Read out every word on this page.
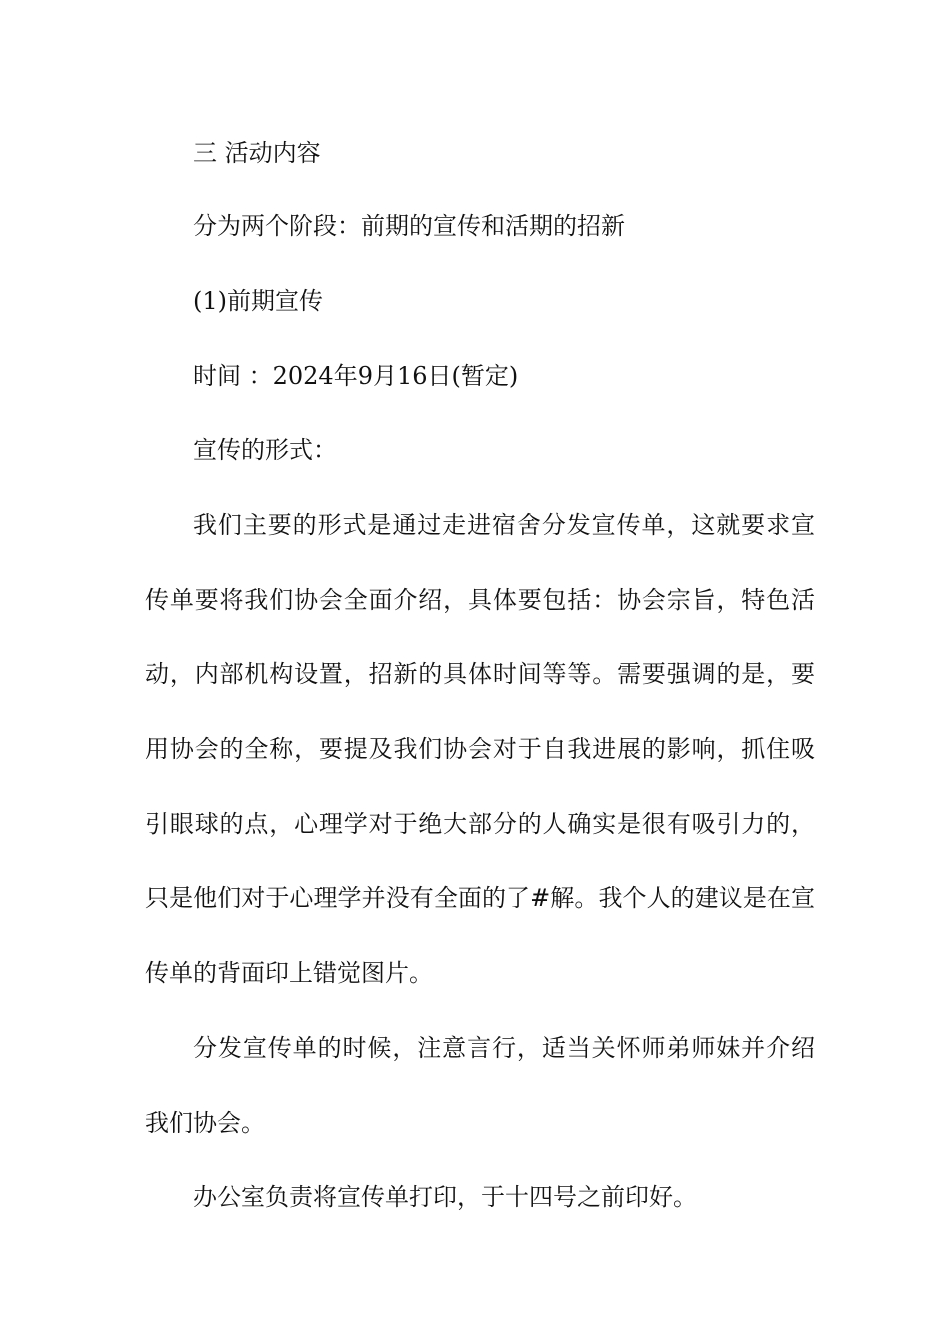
三 活动内容
分为两个阶段：前期的宣传和活期的招新
(1)前期宣传
时间 ：2024年9月16日(暂定)
宣传的形式：
我们主要的形式是通过走进宿舍分发宣传单，这就要求宣
传单要将我们协会全面介绍，具体要包括：协会宗旨，特色活
动，内部机构设置，招新的具体时间等等。需要强调的是，要
用协会的全称，要提及我们协会对于自我进展的影响，抓住吸
引眼球的点，心理学对于绝大部分的人确实是很有吸引力的，
只是他们对于心理学并没有全面的了#解。我个人的建议是在宣
传单的背面印上错觉图片。
分发宣传单的时候，注意言行，适当关怀师弟师妹并介绍
我们协会。
办公室负责将宣传单打印，于十四号之前印好。
